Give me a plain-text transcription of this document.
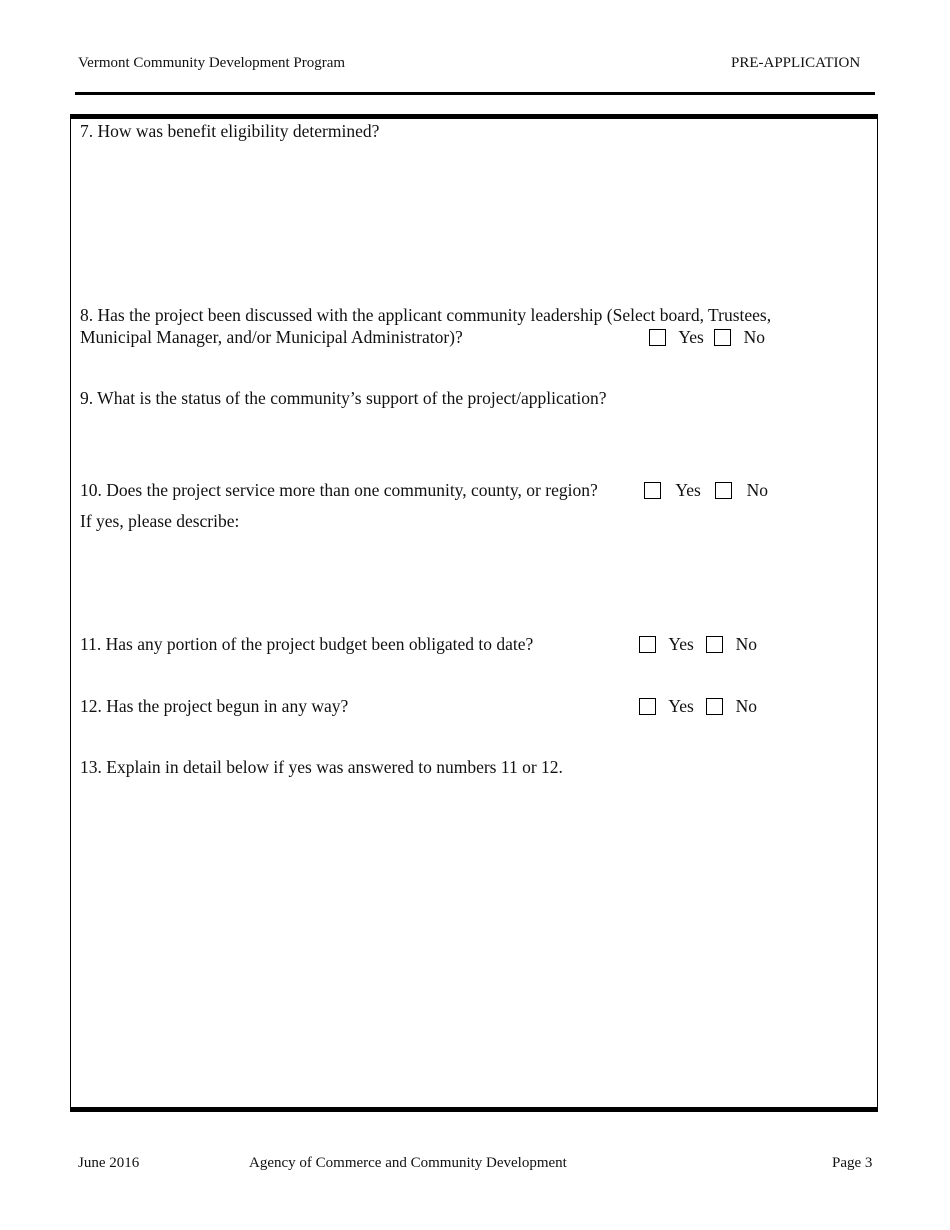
Vermont Community Development Program	PRE-APPLICATION
7. How was benefit eligibility determined?
8. Has the project been discussed with the applicant community leadership (Select board, Trustees,
Municipal Manager, and/or Municipal Administrator)?	Yes No
9. What is the status of the community’s support of the project/application?
10. Does the project service more than one community, county, or region?	Yes	No
If yes, please describe:
11. Has any portion of the project budget been obligated to date?	Yes No
12. Has the project begun in any way?	Yes No
13. Explain in detail below if yes was answered to numbers 11 or 12.
June 2016	Agency of Commerce and Community Development	Page 3
